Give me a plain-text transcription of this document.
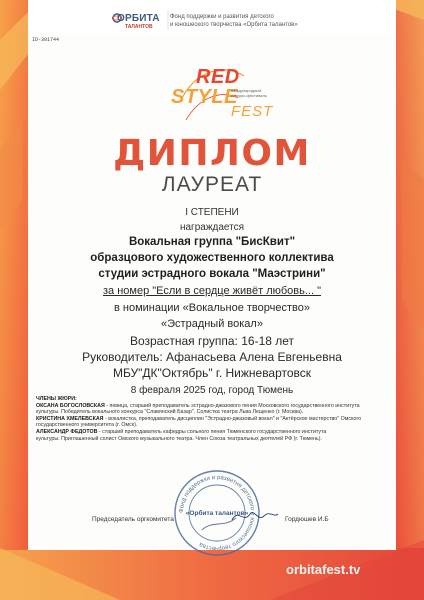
ID-301744
ОРБИТА
ТАЛАНТОВ
Фонд поддержки и развития детского
и юношеского творчества «Орбита талантов»
RED
STYLE
международный
конкурс-фестиваль
FEST
ДИПЛОМ
ЛАУРЕАТ
I СТЕПЕНИ
награждается
Вокальная группа "БисКвит"
образцового художественного коллектива
студии эстрадного вокала "Маэстрини"
за номер "Если в сердце живёт любовь... "
в номинации «Вокальное творчество»
«Эстрадный вокал»
Возрастная группа: 16-18 лет
Руководитель: Афанасьева Алена Евгеньевна
МБУ"ДК"Октябрь" г. Нижневартовск
8 февраля 2025 год, город Тюмень
ЧЛЕНЫ ЖЮРИ:
ОКСАНА БОГОСЛОВСКАЯ - певица, старший преподаватель эстрадно-джазового пения Московского государственного института
культуры. Победитель вокального конкурса "Славянский Базар". Солистка театра Льва Лещенко (г. Москва).
КРИСТИНА ХМЕЛЕВСКАЯ - вокалистка, преподаватель дисциплин "Эстрадно-джазовый вокал" и "Актёрское мастерство" Омского
государственного университета (г. Омск).
АЛЕКСАНДР ФЕДОТОВ - старший преподаватель кафедры сольного пения Тюменского государственного института
культуры. Приглашенный солист Омского музыкального театра. Член Союза театральных деятелей РФ (г. Тюмень).
Фонд поддержки и развития детского и юношеского творчества
«Орбита талантов»
Председатель оргкомитета	Гордюшев И.Б
orbitafest.tv
